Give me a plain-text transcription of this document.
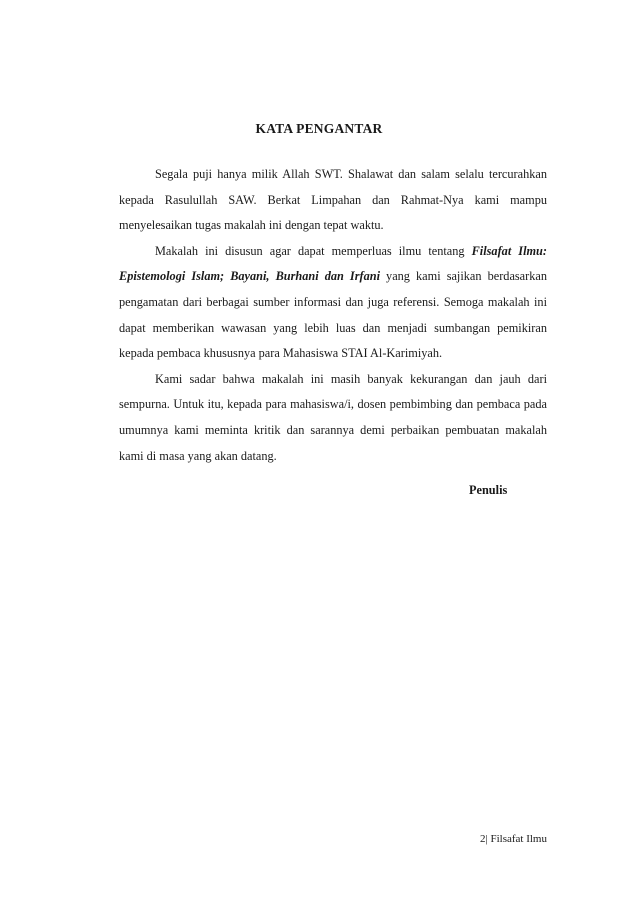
KATA PENGANTAR

Segala puji hanya milik Allah SWT. Shalawat dan salam selalu tercurahkan kepada Rasulullah SAW. Berkat Limpahan dan Rahmat-Nya kami mampu menyelesaikan tugas makalah ini dengan tepat waktu.

Makalah ini disusun agar dapat memperluas ilmu tentang Filsafat Ilmu: Epistemologi Islam; Bayani, Burhani dan Irfani yang kami sajikan berdasarkan pengamatan dari berbagai sumber informasi dan juga referensi. Semoga makalah ini dapat memberikan wawasan yang lebih luas dan menjadi sumbangan pemikiran kepada pembaca khususnya para Mahasiswa STAI Al-Karimiyah.

Kami sadar bahwa makalah ini masih banyak kekurangan dan jauh dari sempurna. Untuk itu, kepada para mahasiswa/i, dosen pembimbing dan pembaca pada umumnya kami meminta kritik dan sarannya demi perbaikan pembuatan makalah kami di masa yang akan datang.

Penulis
2| Filsafat Ilmu
